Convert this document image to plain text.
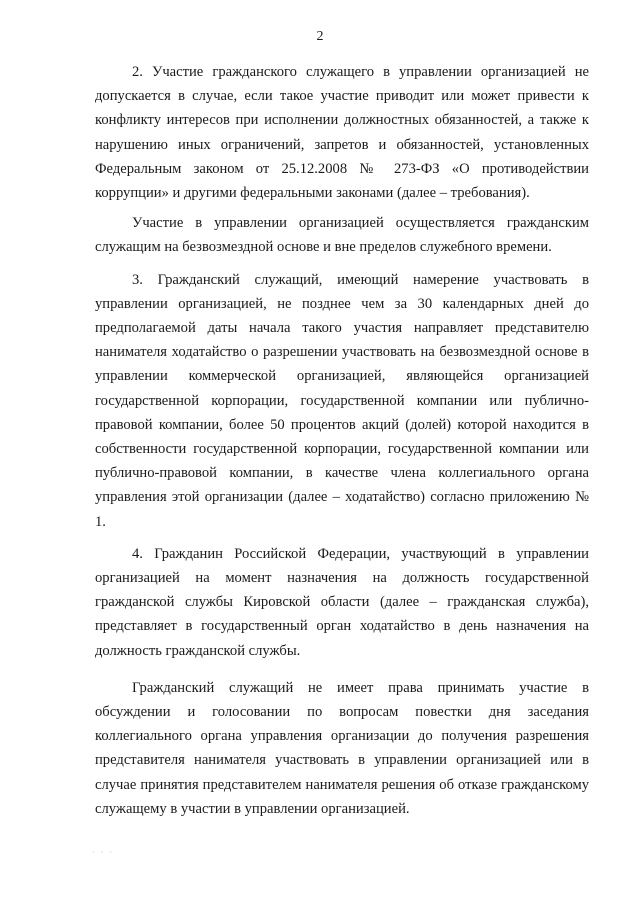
2

2. Участие гражданского служащего в управлении организацией не допускается в случае, если такое участие приводит или может привести к конфликту интересов при исполнении должностных обязанностей, а также к нарушению иных ограничений, запретов и обязанностей, установленных Федеральным законом от 25.12.2008 № 273-ФЗ «О противодействии коррупции» и другими федеральными законами (далее – требования).

Участие в управлении организацией осуществляется гражданским служащим на безвозмездной основе и вне пределов служебного времени.

3. Гражданский служащий, имеющий намерение участвовать в управлении организацией, не позднее чем за 30 календарных дней до предполагаемой даты начала такого участия направляет представителю нанимателя ходатайство о разрешении участвовать на безвозмездной основе в управлении коммерческой организацией, являющейся организацией государственной корпорации, государственной компании или публично-правовой компании, более 50 процентов акций (долей) которой находится в собственности государственной корпорации, государственной компании или публично-правовой компании, в качестве члена коллегиального органа управления этой организации (далее – ходатайство) согласно приложению № 1.

4. Гражданин Российской Федерации, участвующий в управлении организацией на момент назначения на должность государственной гражданской службы Кировской области (далее – гражданская служба), представляет в государственный орган ходатайство в день назначения на должность гражданской службы.

Гражданский служащий не имеет права принимать участие в обсуждении и голосовании по вопросам повестки дня заседания коллегиального органа управления организации до получения разрешения представителя нанимателя участвовать в управлении организацией или в случае принятия представителем нанимателя решения об отказе гражданскому служащему в участии в управлении организацией.

· · ·
